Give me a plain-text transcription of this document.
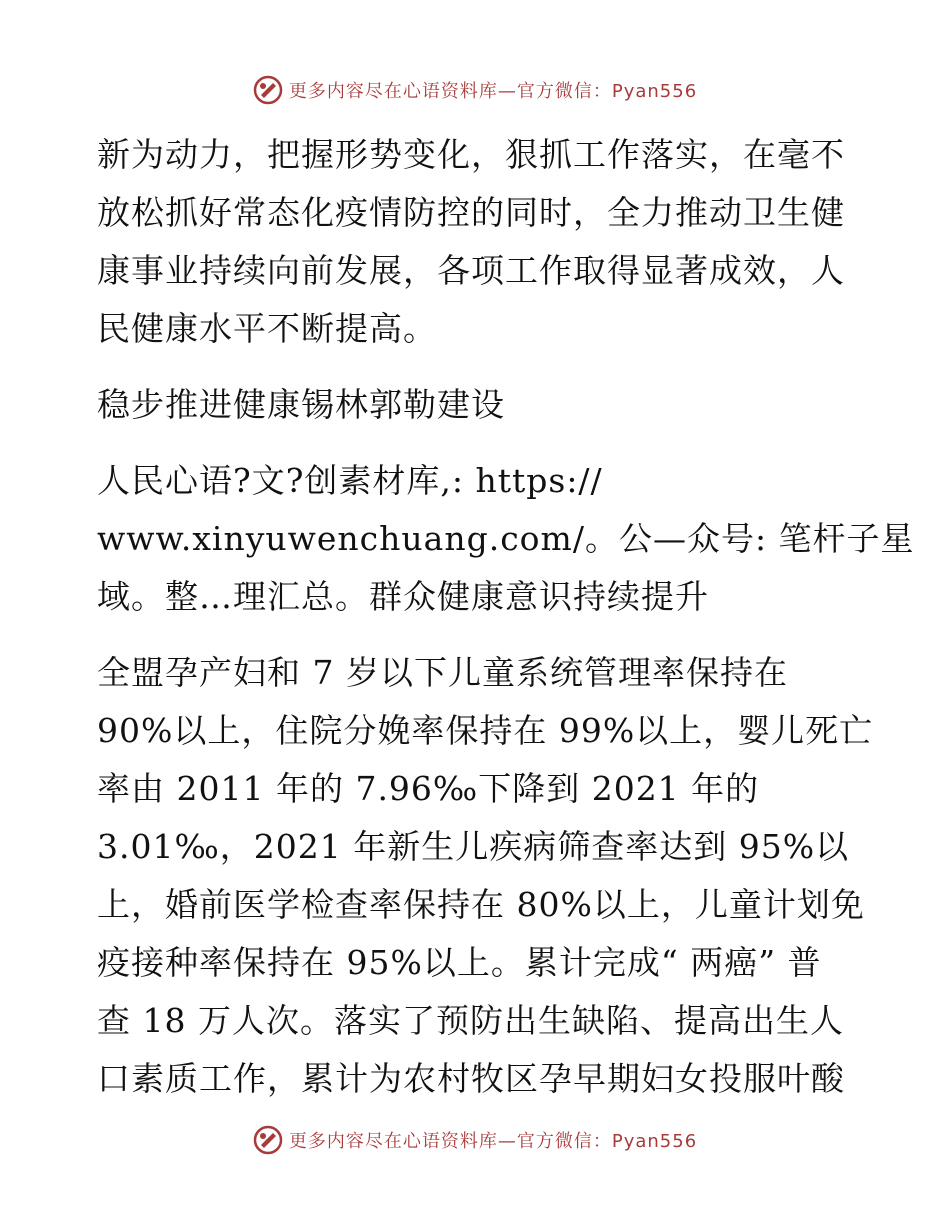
更多内容尽在心语资料库—官方微信：Pyan556
新为动力，把握形势变化，狠抓工作落实，在毫不
放松抓好常态化疫情防控的同时，全力推动卫生健
康事业持续向前发展，各项工作取得显著成效，人
民健康水平不断提高。
稳步推进健康锡林郭勒建设
人民心语?文?创素材库,: https://
www.xinyuwenchuang.com/。公—众号: 笔杆子星
域。整…理汇总。群众健康意识持续提升
全盟孕产妇和 7 岁以下儿童系统管理率保持在
90%以上，住院分娩率保持在 99%以上，婴儿死亡
率由 2011 年的 7.96‰下降到 2021 年的
3.01‰，2021 年新生儿疾病筛查率达到 95%以
上，婚前医学检查率保持在 80%以上，儿童计划免
疫接种率保持在 95%以上。累计完成“ 两癌” 普
查 18 万人次。落实了预防出生缺陷、提高出生人
口素质工作，累计为农村牧区孕早期妇女投服叶酸
更多内容尽在心语资料库—官方微信：Pyan556
